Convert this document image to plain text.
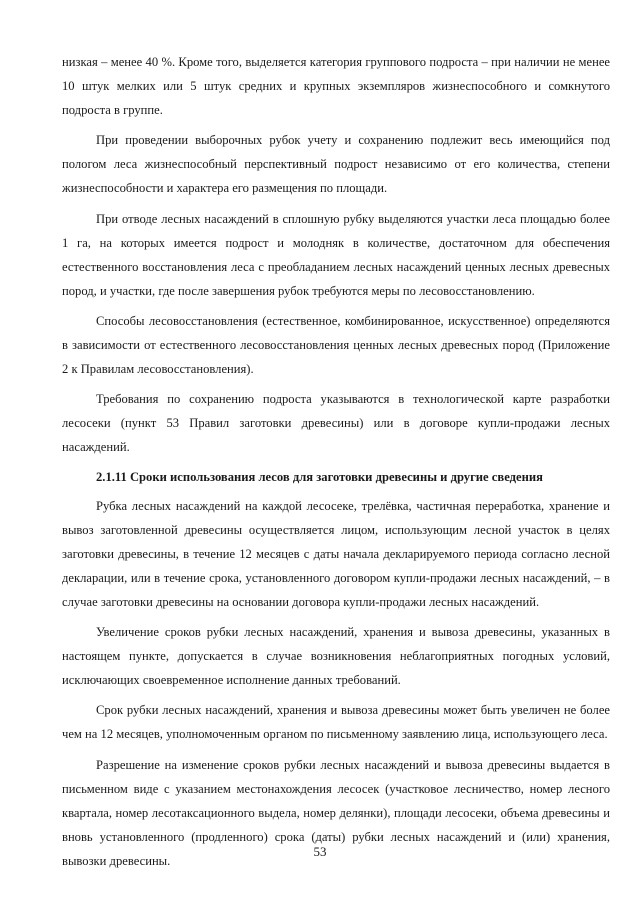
низкая – менее 40 %. Кроме того, выделяется категория группового подроста – при наличии не менее 10 штук мелких или 5 штук средних и крупных экземпляров жизнеспособного и сомкнутого подроста в группе.

При проведении выборочных рубок учету и сохранению подлежит весь имеющийся под пологом леса жизнеспособный перспективный подрост независимо от его количества, степени жизнеспособности и характера его размещения по площади.

При отводе лесных насаждений в сплошную рубку выделяются участки леса площадью более 1 га, на которых имеется подрост и молодняк в количестве, достаточном для обеспечения естественного восстановления леса с преобладанием лесных насаждений ценных лесных древесных пород, и участки, где после завершения рубок требуются меры по лесовосстановлению.

Способы лесовосстановления (естественное, комбинированное, искусственное) определяются в зависимости от естественного лесовосстановления ценных лесных древесных пород (Приложение 2 к Правилам лесовосстановления).

Требования по сохранению подроста указываются в технологической карте разработки лесосеки (пункт 53 Правил заготовки древесины) или в договоре купли-продажи лесных насаждений.

2.1.11 Сроки использования лесов для заготовки древесины и другие сведения

Рубка лесных насаждений на каждой лесосеке, трелёвка, частичная переработка, хранение и вывоз заготовленной древесины осуществляется лицом, использующим лесной участок в целях заготовки древесины, в течение 12 месяцев с даты начала декларируемого периода согласно лесной декларации, или в течение срока, установленного договором купли-продажи лесных насаждений, – в случае заготовки древесины на основании договора купли-продажи лесных насаждений.

Увеличение сроков рубки лесных насаждений, хранения и вывоза древесины, указанных в настоящем пункте, допускается в случае возникновения неблагоприятных погодных условий, исключающих своевременное исполнение данных требований.

Срок рубки лесных насаждений, хранения и вывоза древесины может быть увеличен не более чем на 12 месяцев, уполномоченным органом по письменному заявлению лица, использующего леса.

Разрешение на изменение сроков рубки лесных насаждений и вывоза древесины выдается в письменном виде с указанием местонахождения лесосек (участковое лесничество, номер лесного квартала, номер лесотаксационного выдела, номер делянки), площади лесосеки, объема древесины и вновь установленного (продленного) срока (даты) рубки лесных насаждений и (или) хранения, вывозки древесины.

53
